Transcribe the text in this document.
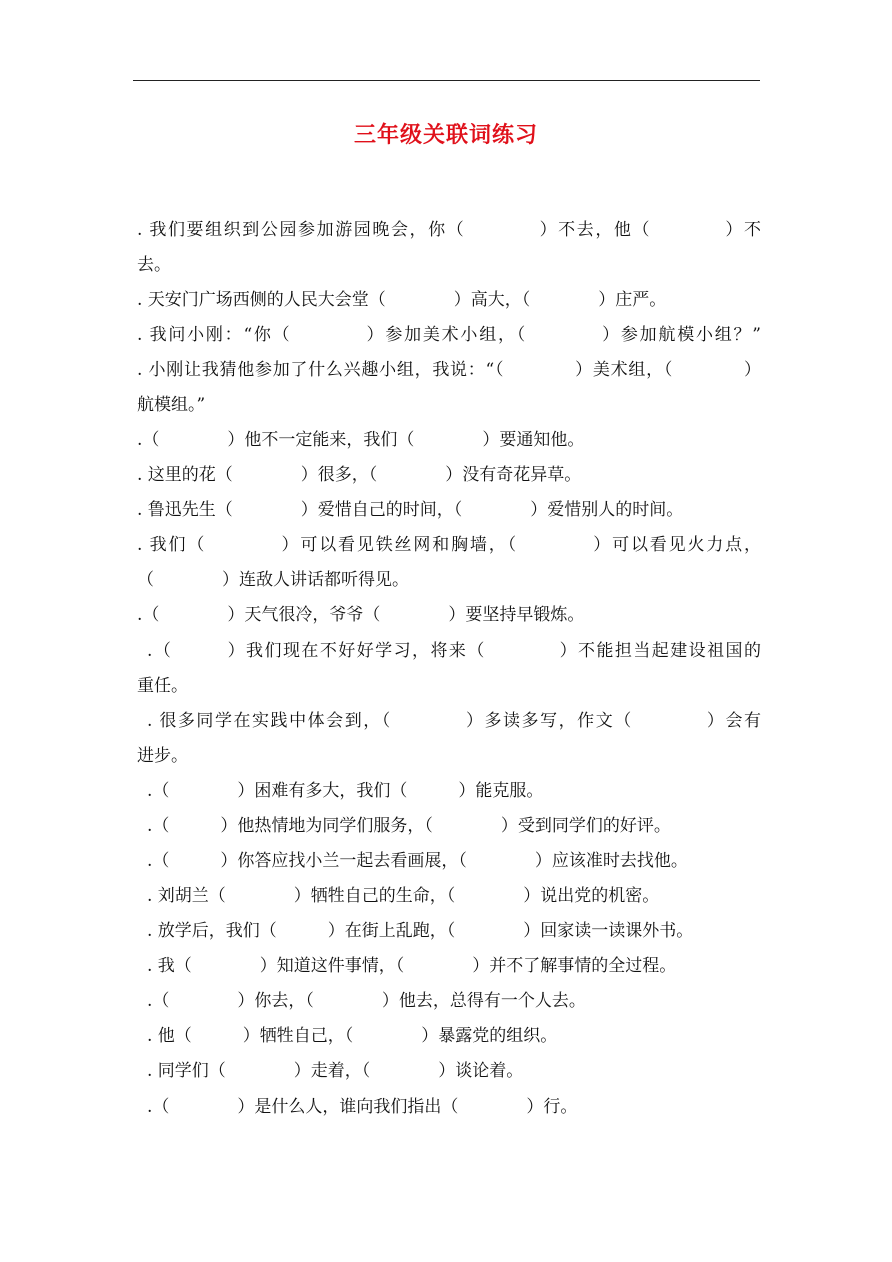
三年级关联词练习
. 我们要组织到公园参加游园晚会，你（　　　　）不去，他（　　　　）不
去。
. 天安门广场西侧的人民大会堂（　　　　）高大，（　　　　）庄严。
. 我问小刚：“你（　　　　）参加美术小组，（　　　　）参加航模小组？”
. 小刚让我猜他参加了什么兴趣小组，我说：“（　　　　）美术组，（　　　　）
航模组。”
.（　　　　）他不一定能来，我们（　　　　）要通知他。
. 这里的花（　　　　）很多，（　　　　）没有奇花异草。
. 鲁迅先生（　　　　）爱惜自己的时间，（　　　　）爱惜别人的时间。
. 我们（　　　　）可以看见铁丝网和胸墙，（　　　　）可以看见火力点，
（　　　　）连敌人讲话都听得见。
.（　　　　）天气很冷，爷爷（　　　　）要坚持早锻炼。
.（　　　）我们现在不好好学习，将来（　　　　）不能担当起建设祖国的
重任。
. 很多同学在实践中体会到，（　　　　）多读多写，作文（　　　　）会有
进步。
.（　　　　）困难有多大，我们（　　　）能克服。
.（　　　）他热情地为同学们服务，（　　　　）受到同学们的好评。
.（　　　）你答应找小兰一起去看画展，（　　　　）应该准时去找他。
. 刘胡兰（　　　　）牺牲自己的生命，（　　　　）说出党的机密。
. 放学后，我们（　　　）在街上乱跑，（　　　　）回家读一读课外书。
. 我（　　　　）知道这件事情，（　　　　）并不了解事情的全过程。
.（　　　　）你去，（　　　　）他去，总得有一个人去。
. 他（　　　）牺牲自己，（　　　　）暴露党的组织。
. 同学们（　　　　）走着，（　　　　）谈论着。
.（　　　　）是什么人，谁向我们指出（　　　　）行。
